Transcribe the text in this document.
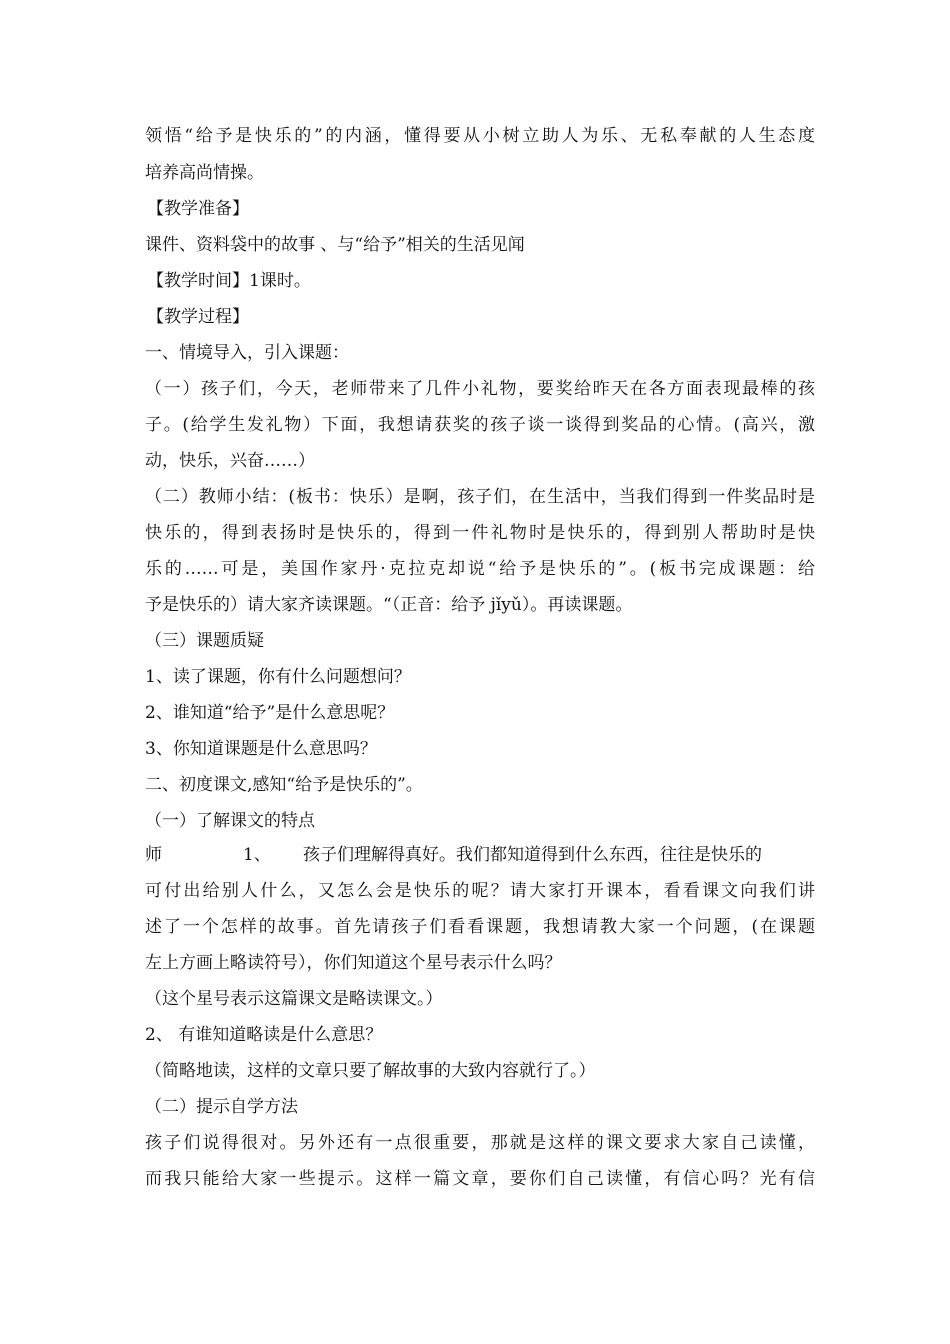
领悟“给予是快乐的”的内涵，懂得要从小树立助人为乐、无私奉献的人生态度
培养高尚情操。
【教学准备】
课件、资料袋中的故事 、与“给予”相关的生活见闻
【教学时间】1课时。
【教学过程】
一、情境导入，引入课题：
（一）孩子们，今天，老师带来了几件小礼物，要奖给昨天在各方面表现最棒的孩
子。(给学生发礼物）下面，我想请获奖的孩子谈一谈得到奖品的心情。(高兴，激
动，快乐，兴奋……）
（二）教师小结：(板书：快乐）是啊，孩子们，在生活中，当我们得到一件奖品时是
快乐的，得到表扬时是快乐的，得到一件礼物时是快乐的，得到别人帮助时是快
乐的……可是，美国作家丹·克拉克却说“给予是快乐的”。(板书完成课题：给
予是快乐的）请大家齐读课题。“（正音：给予 jǐyǔ）。再读课题。
（三）课题质疑
1、读了课题，你有什么问题想问？
2、谁知道“给予”是什么意思呢？
3、你知道课题是什么意思吗？
二、初度课文,感知“给予是快乐的”。
（一）了解课文的特点
师	1、 孩子们理解得真好。我们都知道得到什么东西，往往是快乐的
可付出给别人什么，又怎么会是快乐的呢？请大家打开课本，看看课文向我们讲
述了一个怎样的故事。首先请孩子们看看课题，我想请教大家一个问题，(在课题
左上方画上略读符号），你们知道这个星号表示什么吗？
（这个星号表示这篇课文是略读课文。）
2、 有谁知道略读是什么意思？
（简略地读，这样的文章只要了解故事的大致内容就行了。）
（二）提示自学方法
孩子们说得很对。另外还有一点很重要，那就是这样的课文要求大家自己读懂，
而我只能给大家一些提示。这样一篇文章，要你们自己读懂，有信心吗？光有信
